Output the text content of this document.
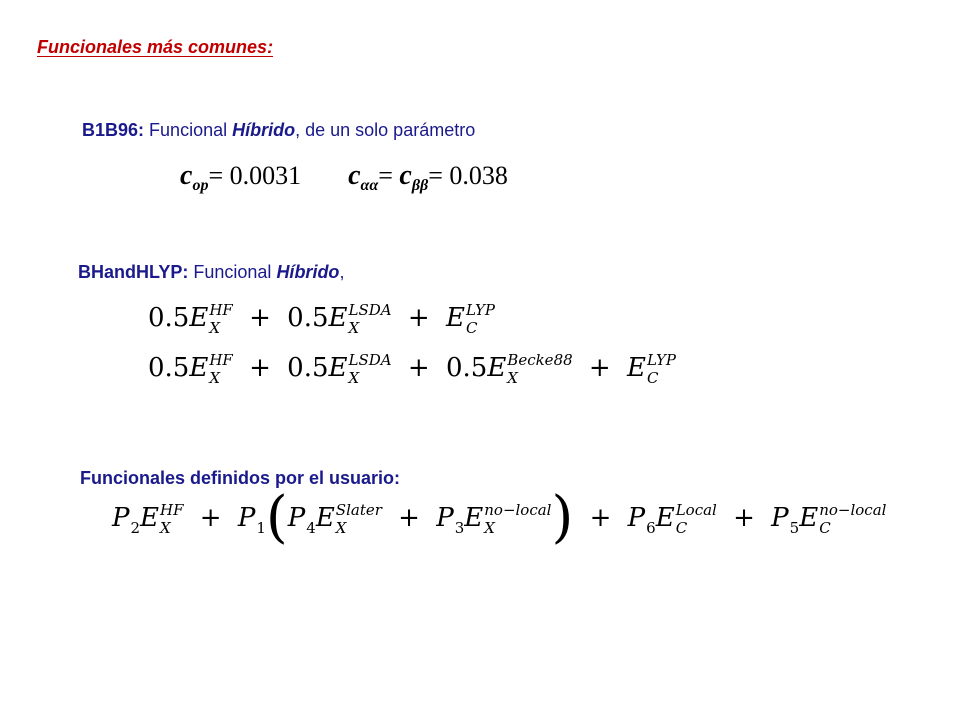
Funcionales más comunes:
B1B96: Funcional Híbrido, de un solo parámetro
$c_{op}= 0.0031$ $c_{\alpha\alpha}= c_{\beta\beta}= 0.038$
BHandHLYP: Funcional Híbrido,
0.5E HF
X	+ 0.5E LSDA
X	+ E LYP
C
0.5E HF
X	+ 0.5E LSDA
X	+ 0.5E Becke88
X	+ E LYP
C
Funcionales definidos por el usuario:
$P_2E$ HF
X	+ $P_1(P_4E$ Slater
X	+ $P_3E$ no−local
X	) + $P_6E$ Local
C	+ $P_5E$ no−local
C
